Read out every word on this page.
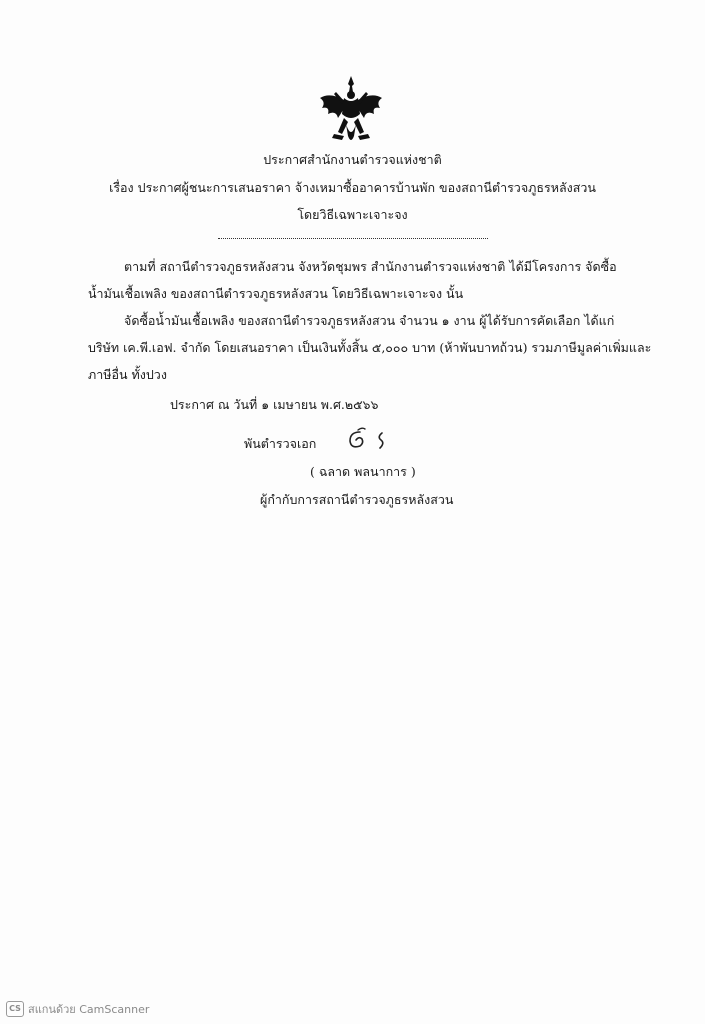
ประกาศสำนักงานตำรวจแห่งชาติ
เรื่อง ประกาศผู้ชนะการเสนอราคา จ้างเหมาซื้ออาคารบ้านพัก ของสถานีตำรวจภูธรหลังสวน
โดยวิธีเฉพาะเจาะจง
ตามที่ สถานีตำรวจภูธรหลังสวน จังหวัดชุมพร สำนักงานตำรวจแห่งชาติ ได้มีโครงการ จัดซื้อ
น้ำมันเชื้อเพลิง ของสถานีตำรวจภูธรหลังสวน โดยวิธีเฉพาะเจาะจง นั้น
จัดซื้อน้ำมันเชื้อเพลิง ของสถานีตำรวจภูธรหลังสวน จำนวน ๑ งาน ผู้ได้รับการคัดเลือก ได้แก่
บริษัท เค.พี.เอฟ. จำกัด โดยเสนอราคา เป็นเงินทั้งสิ้น ๕,๐๐๐ บาท (ห้าพันบาทถ้วน) รวมภาษีมูลค่าเพิ่มและ
ภาษีอื่น ทั้งปวง
ประกาศ ณ วันที่ ๑ เมษายน พ.ศ.๒๕๖๖
พันตำรวจเอก
( ฉลาด พลนาการ )
ผู้กำกับการสถานีตำรวจภูธรหลังสวน
CS สแกนด้วย CamScanner
